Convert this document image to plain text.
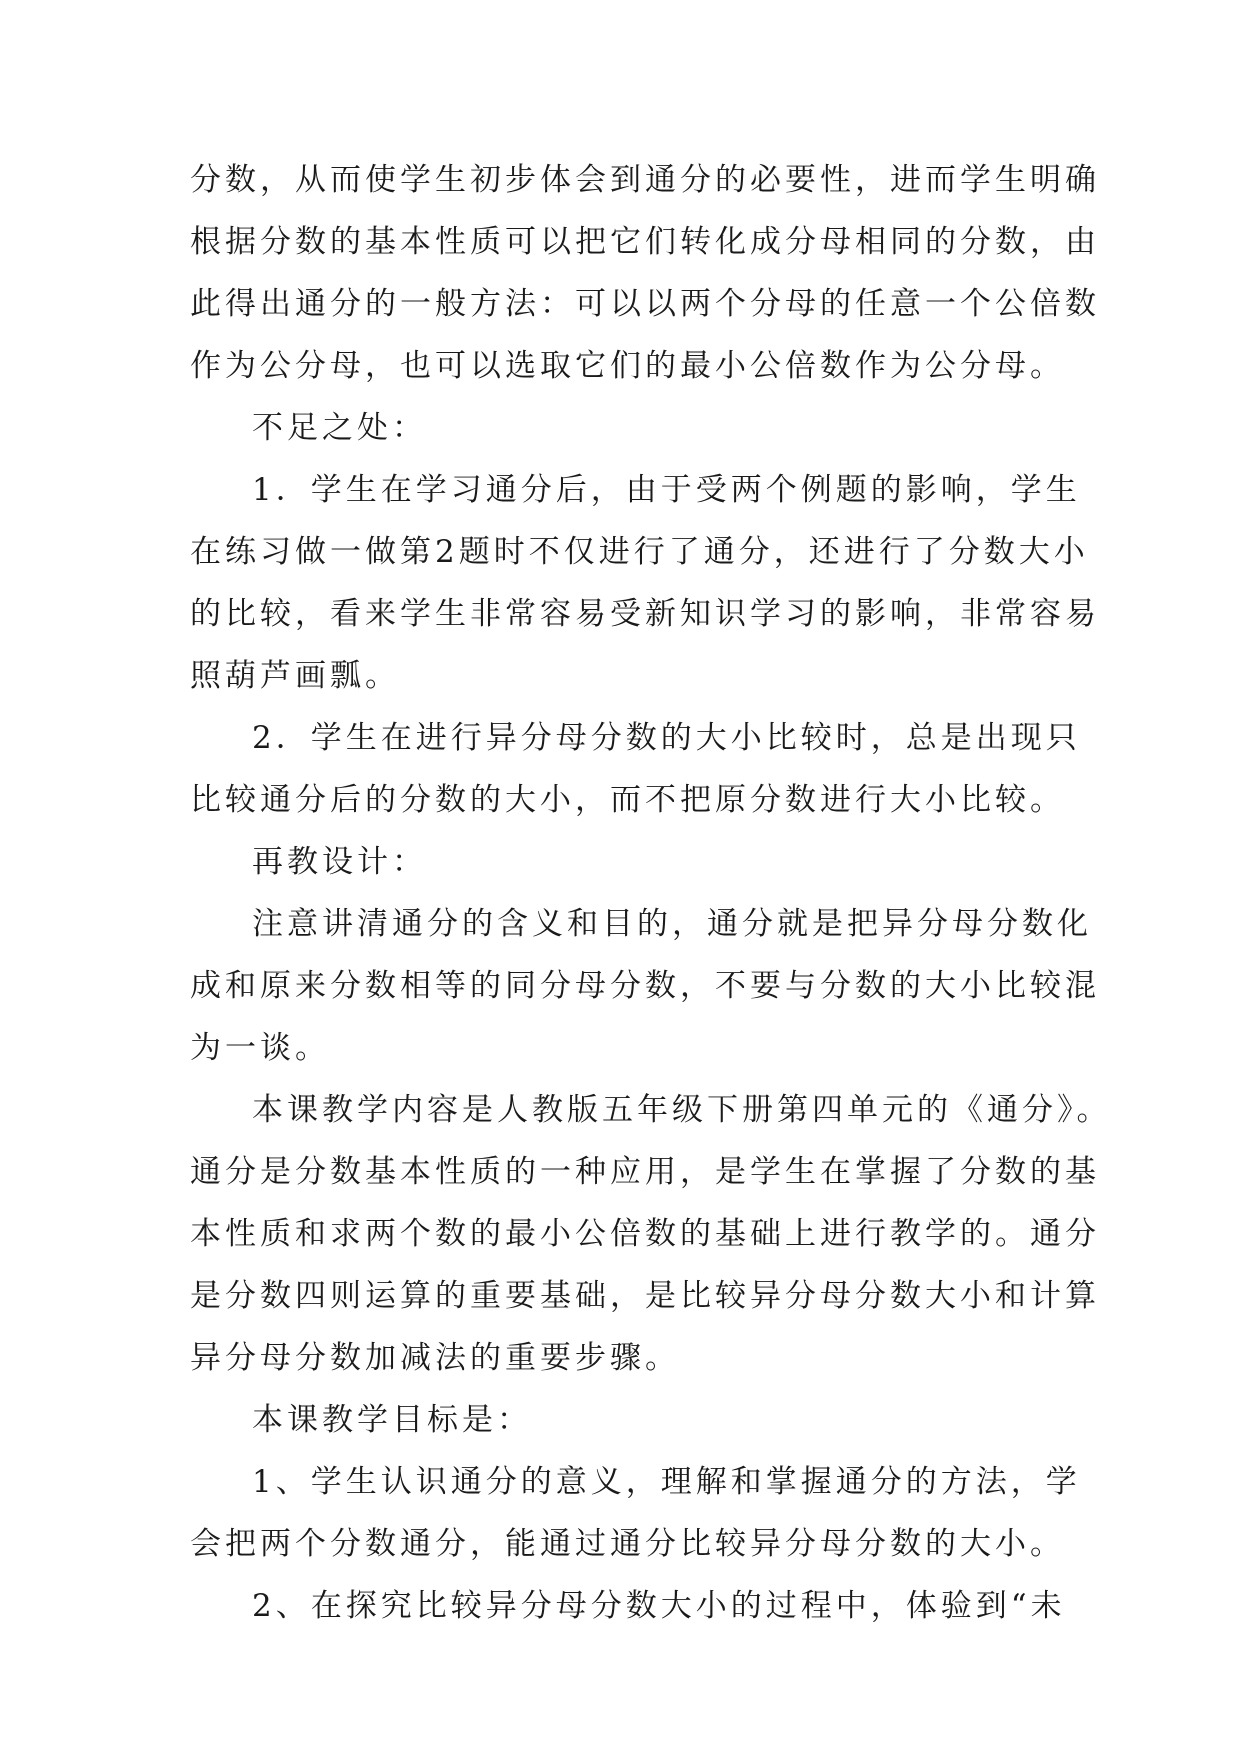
分数，从而使学生初步体会到通分的必要性，进而学生明确
根据分数的基本性质可以把它们转化成分母相同的分数，由
此得出通分的一般方法：可以以两个分母的任意一个公倍数
作为公分母，也可以选取它们的最小公倍数作为公分母。
不足之处：
1．学生在学习通分后，由于受两个例题的影响，学生
在练习做一做第2题时不仅进行了通分，还进行了分数大小
的比较，看来学生非常容易受新知识学习的影响，非常容易
照葫芦画瓢。
2．学生在进行异分母分数的大小比较时，总是出现只
比较通分后的分数的大小，而不把原分数进行大小比较。
再教设计：
注意讲清通分的含义和目的，通分就是把异分母分数化
成和原来分数相等的同分母分数，不要与分数的大小比较混
为一谈。
本课教学内容是人教版五年级下册第四单元的《通分》。
通分是分数基本性质的一种应用，是学生在掌握了分数的基
本性质和求两个数的最小公倍数的基础上进行教学的。通分
是分数四则运算的重要基础，是比较异分母分数大小和计算
异分母分数加减法的重要步骤。
本课教学目标是：
1、学生认识通分的意义，理解和掌握通分的方法，学
会把两个分数通分，能通过通分比较异分母分数的大小。
2、在探究比较异分母分数大小的过程中，体验到“未
